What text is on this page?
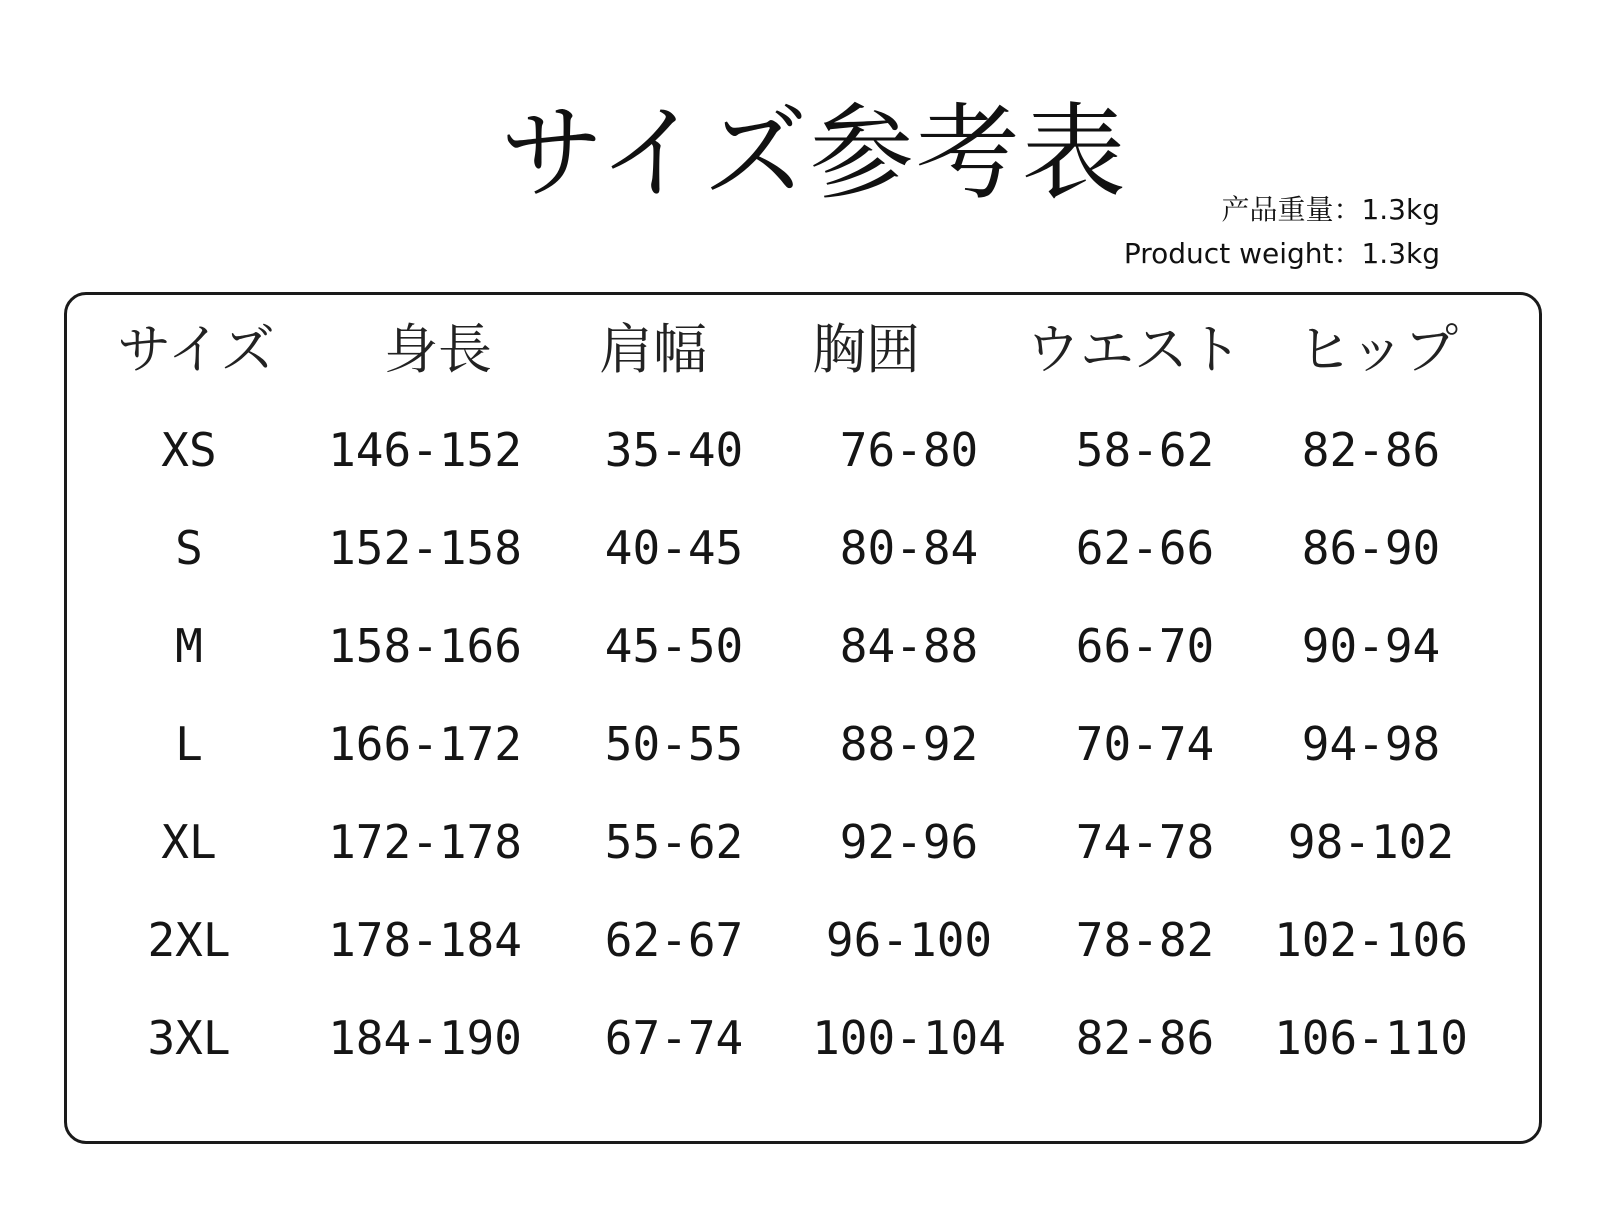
サイズ参考表	产品重量：1.3kg
Product weight：1.3kg
サイズ 身長 肩幅 胸囲 ウエスト ヒップ
XS 146-152 35-40 76-80 58-62 82-86
S	152-158 40-45 80-84 62-66 86-90
M	158-166 45-50 84-88 66-70 90-94
L	166-172 50-55 88-92 70-74 94-98
XL 172-178 55-62 92-96 74-78 98-102
2XL 178-184 62-67 96-100 78-82 102-106
3XL 184-190 67-74 100-104 82-86 106-110
